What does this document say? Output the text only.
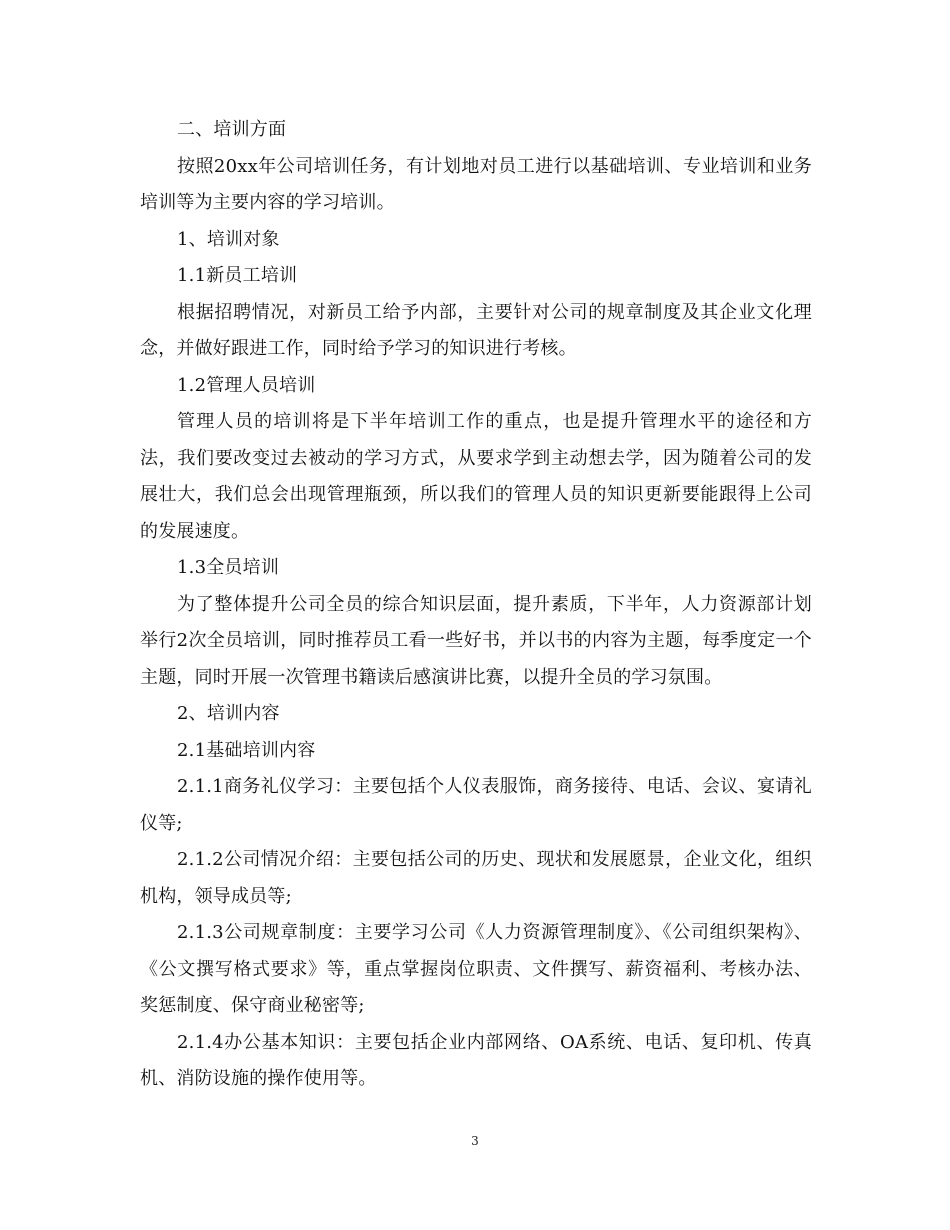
二、培训方面

按照20xx年公司培训任务，有计划地对员工进行以基础培训、专业培训和业务培训等为主要内容的学习培训。

1、培训对象

1.1新员工培训

根据招聘情况，对新员工给予内部，主要针对公司的规章制度及其企业文化理念，并做好跟进工作，同时给予学习的知识进行考核。

1.2管理人员培训

管理人员的培训将是下半年培训工作的重点，也是提升管理水平的途径和方法，我们要改变过去被动的学习方式，从要求学到主动想去学，因为随着公司的发展壮大，我们总会出现管理瓶颈，所以我们的管理人员的知识更新要能跟得上公司的发展速度。

1.3全员培训

为了整体提升公司全员的综合知识层面，提升素质，下半年，人力资源部计划举行2次全员培训，同时推荐员工看一些好书，并以书的内容为主题，每季度定一个主题，同时开展一次管理书籍读后感演讲比赛，以提升全员的学习氛围。

2、培训内容

2.1基础培训内容

2.1.1商务礼仪学习：主要包括个人仪表服饰，商务接待、电话、会议、宴请礼仪等;

2.1.2公司情况介绍：主要包括公司的历史、现状和发展愿景，企业文化，组织机构，领导成员等;

2.1.3公司规章制度：主要学习公司《人力资源管理制度》、《公司组织架构》、《公文撰写格式要求》等，重点掌握岗位职责、文件撰写、薪资福利、考核办法、奖惩制度、保守商业秘密等;

2.1.4办公基本知识：主要包括企业内部网络、OA系统、电话、复印机、传真机、消防设施的操作使用等。

3
